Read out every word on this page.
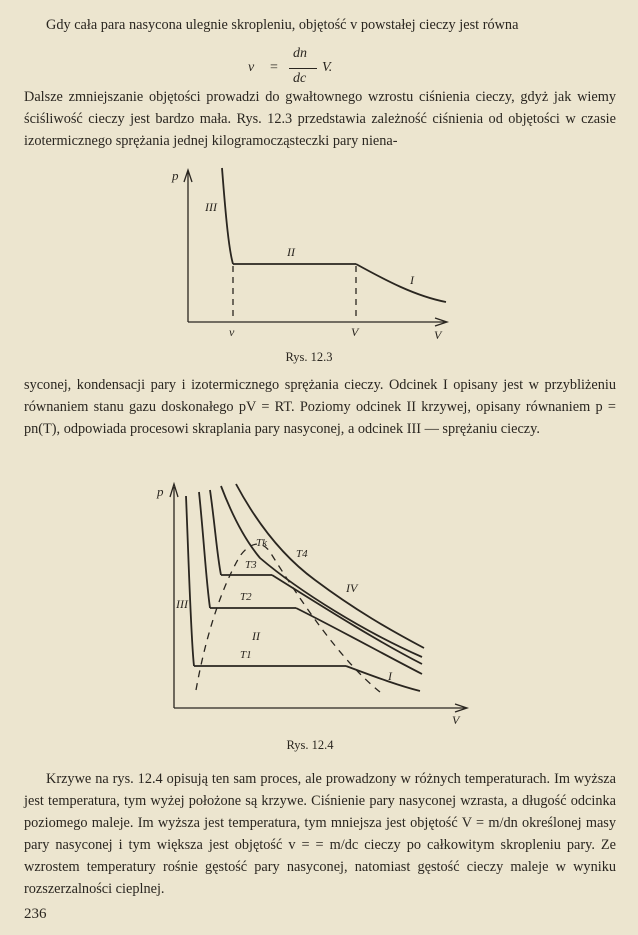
Gdy cała para nasycona ulegnie skropleniu, objętość v powstałej cieczy jest równa

v =
dn
dc
V.

Dalsze zmniejszanie objętości prowadzi do gwałtownego wzrostu ciśnienia cieczy, gdyż jak wiemy ściśliwość cieczy jest bardzo mała. Rys. 12.3 przedstawia zależność ciśnienia od objętości w czasie izotermicznego sprężania jednej kilogramocząsteczki pary niena-

p
III
II
I
v	V	V
Rys. 12.3

syconej, kondensacji pary i izotermicznego sprężania cieczy. Odcinek I opisany jest w przybliżeniu równaniem stanu gazu doskonałego pV = RT. Poziomy odcinek II krzywej, opisany równaniem p = pn(T), odpowiada procesowi skraplania pary nasyconej, a odcinek III — sprężaniu cieczy.

p
III
II
I
IV
T1
T2
T3
Tk
T4
V
Rys. 12.4

Krzywe na rys. 12.4 opisują ten sam proces, ale prowadzony w różnych temperaturach. Im wyższa jest temperatura, tym wyżej położone są krzywe. Ciśnienie pary nasyconej wzrasta, a długość odcinka poziomego maleje. Im wyższa jest temperatura, tym mniejsza jest objętość V = m/dn określonej masy pary nasyconej i tym większa jest objętość v = = m/dc cieczy po całkowitym skropleniu pary. Ze wzrostem temperatury rośnie gęstość pary nasyconej, natomiast gęstość cieczy maleje w wyniku rozszerzalności cieplnej.

236
